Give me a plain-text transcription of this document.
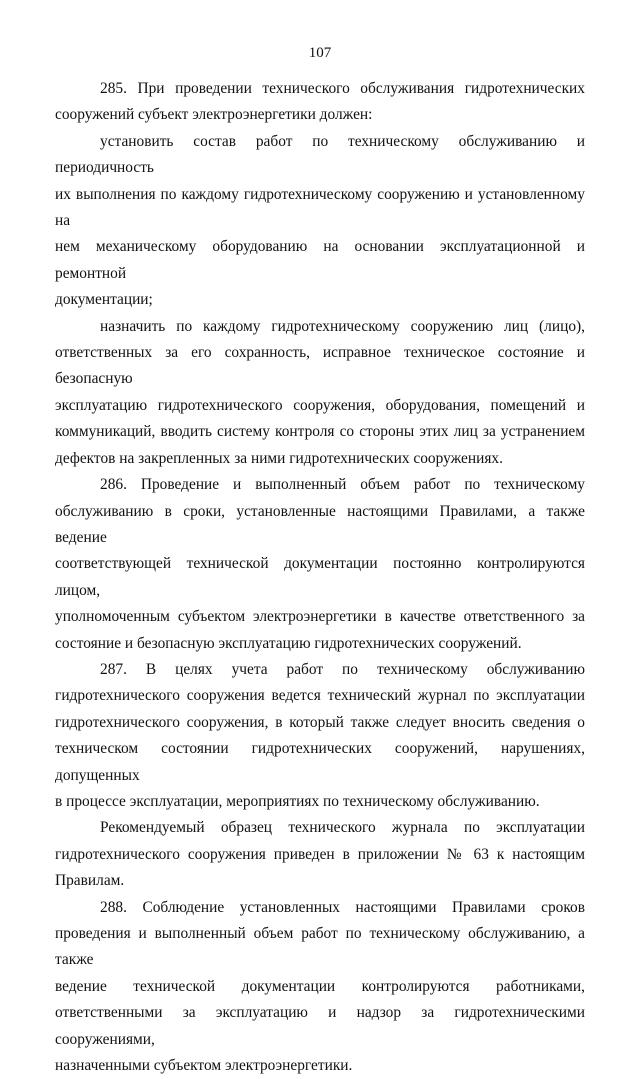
107

285. При проведении технического обслуживания гидротехнических
сооружений субъект электроэнергетики должен:

установить состав работ по техническому обслуживанию и периодичность
их выполнения по каждому гидротехническому сооружению и установленному на
нем механическому оборудованию на основании эксплуатационной и ремонтной
документации;

назначить по каждому гидротехническому сооружению лиц (лицо),
ответственных за его сохранность, исправное техническое состояние и безопасную
эксплуатацию гидротехнического сооружения, оборудования, помещений и
коммуникаций, вводить систему контроля со стороны этих лиц за устранением
дефектов на закрепленных за ними гидротехнических сооружениях.

286. Проведение и выполненный объем работ по техническому
обслуживанию в сроки, установленные настоящими Правилами, а также ведение
соответствующей технической документации постоянно контролируются лицом,
уполномоченным субъектом электроэнергетики в качестве ответственного за
состояние и безопасную эксплуатацию гидротехнических сооружений.

287. В целях учета работ по техническому обслуживанию
гидротехнического сооружения ведется технический журнал по эксплуатации
гидротехнического сооружения, в который также следует вносить сведения о
техническом состоянии гидротехнических сооружений, нарушениях, допущенных
в процессе эксплуатации, мероприятиях по техническому обслуживанию.

Рекомендуемый образец технического журнала по эксплуатации
гидротехнического сооружения приведен в приложении № 63 к настоящим
Правилам.

288. Соблюдение установленных настоящими Правилами сроков
проведения и выполненный объем работ по техническому обслуживанию, а также
ведение технической документации контролируются работниками,
ответственными за эксплуатацию и надзор за гидротехническими сооружениями,
назначенными субъектом электроэнергетики.
